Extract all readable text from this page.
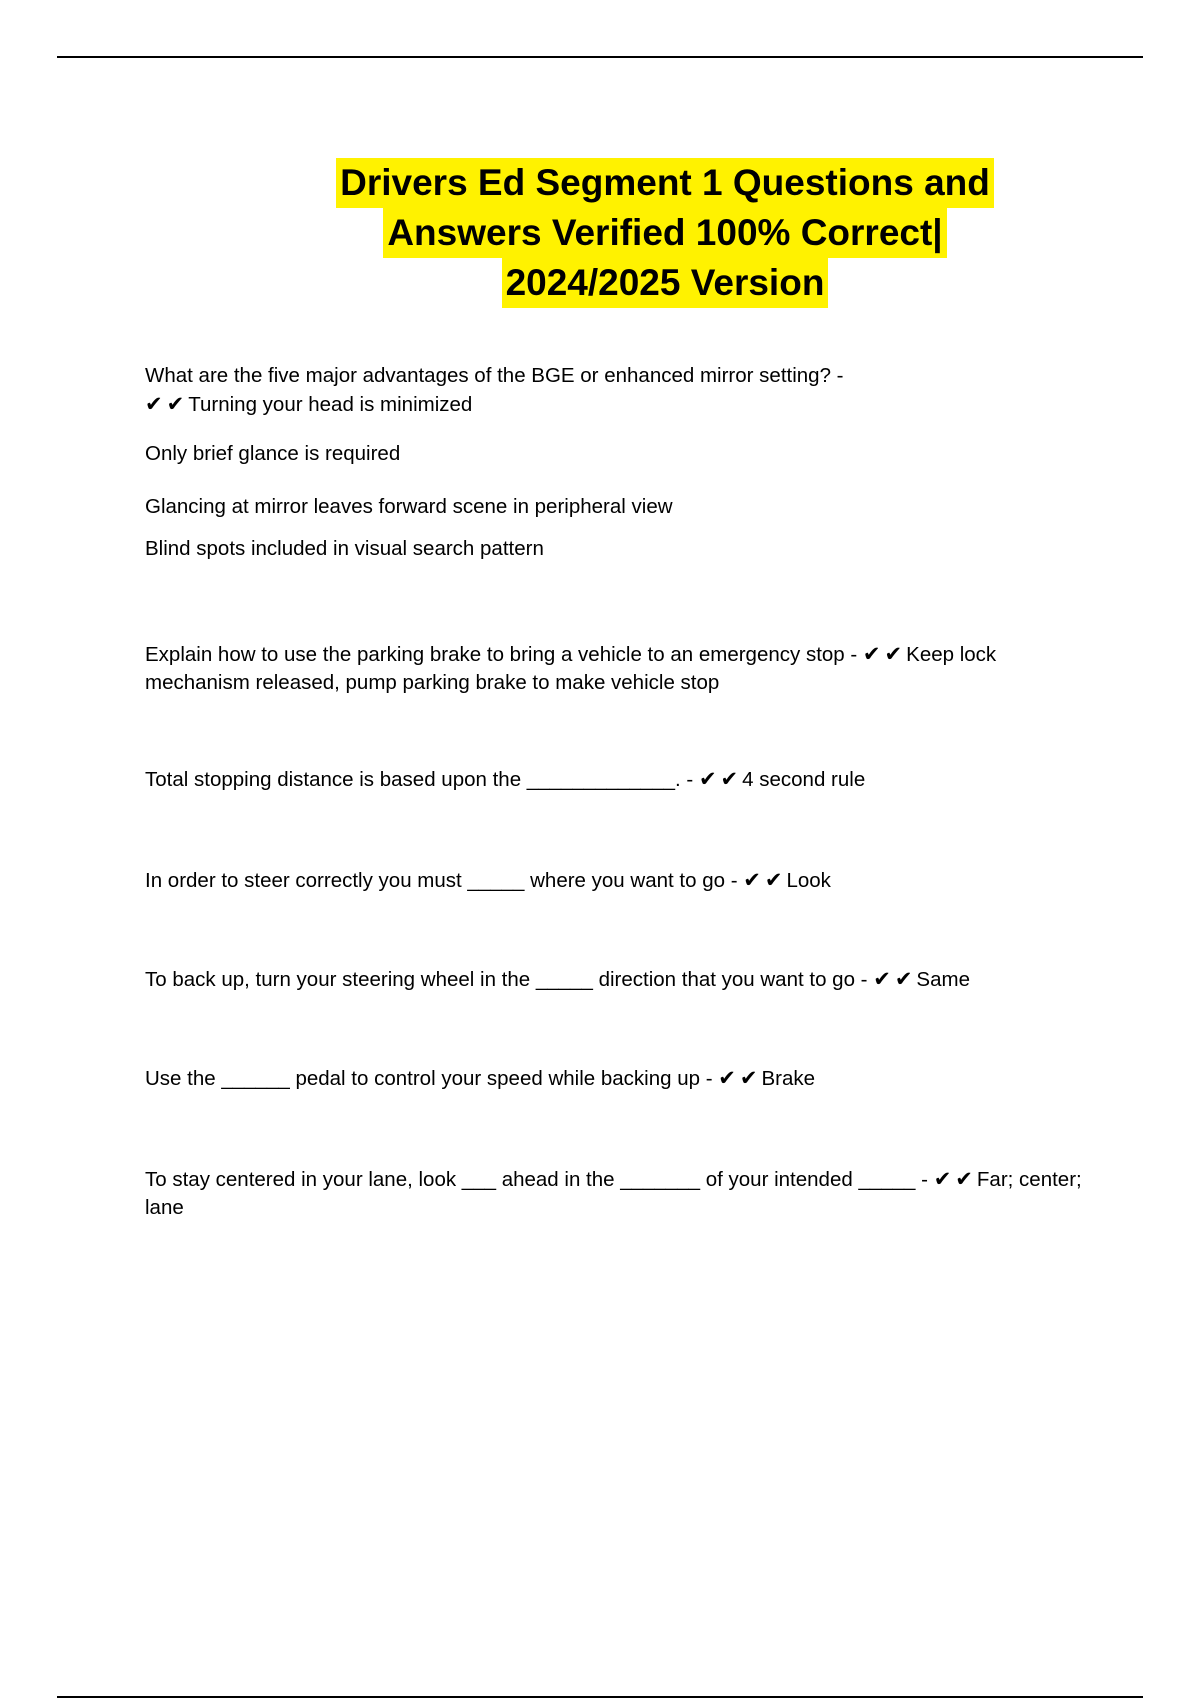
Drivers Ed Segment 1 Questions and
Answers Verified 100% Correct|
2024/2025 Version
What are the five major advantages of the BGE or enhanced mirror setting? -
✔ ✔ Turning your head is minimized
Only brief glance is required
Glancing at mirror leaves forward scene in peripheral view
Blind spots included in visual search pattern
Explain how to use the parking brake to bring a vehicle to an emergency stop - ✔ ✔ Keep lock mechanism released, pump parking brake to make vehicle stop
Total stopping distance is based upon the _____________. - ✔ ✔ 4 second rule
In order to steer correctly you must _____ where you want to go - ✔ ✔ Look
To back up, turn your steering wheel in the _____ direction that you want to go - ✔ ✔ Same
Use the ______ pedal to control your speed while backing up - ✔ ✔ Brake
To stay centered in your lane, look ___ ahead in the _______ of your intended _____ - ✔ ✔ Far; center; lane
